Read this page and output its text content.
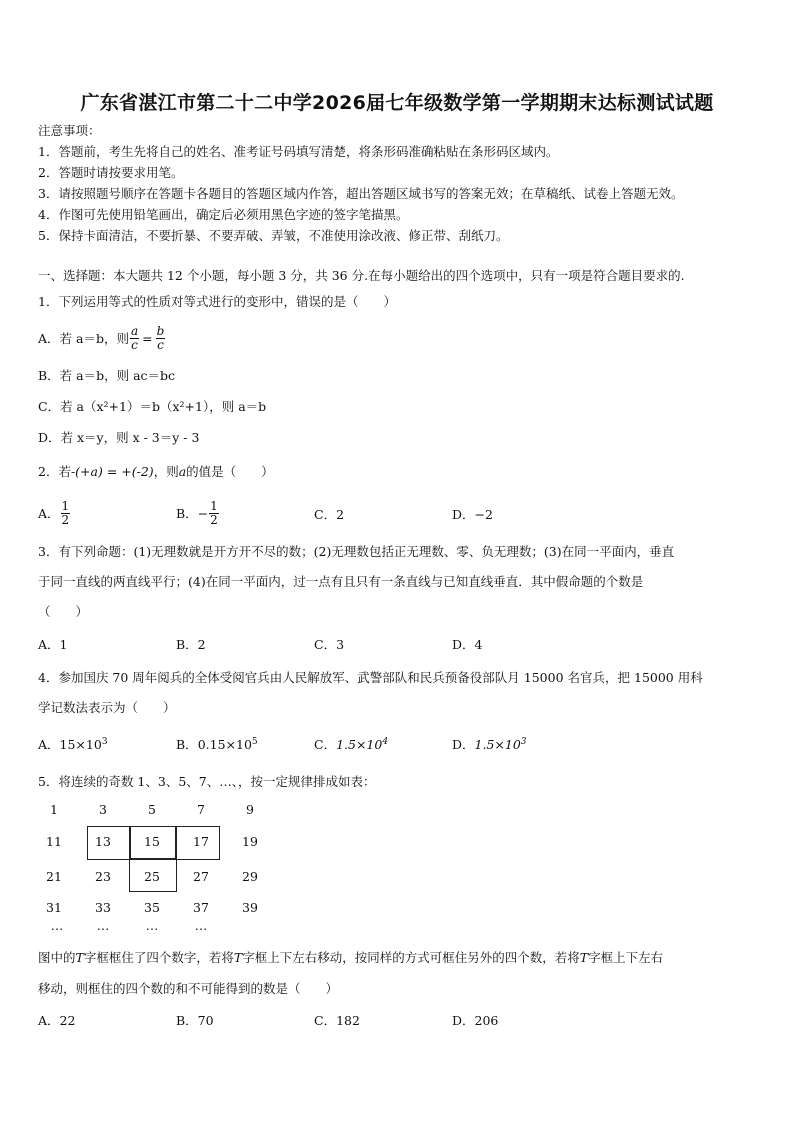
广东省湛江市第二十二中学2026届七年级数学第一学期期末达标测试试题
注意事项：
1．答题前，考生先将自己的姓名、准考证号码填写清楚，将条形码准确粘贴在条形码区域内。
2．答题时请按要求用笔。
3．请按照题号顺序在答题卡各题目的答题区域内作答，超出答题区域书写的答案无效；在草稿纸、试卷上答题无效。
4．作图可先使用铅笔画出，确定后必须用黑色字迹的签字笔描黑。
5．保持卡面清洁，不要折暴、不要弄破、弄皱，不准使用涂改液、修正带、刮纸刀。
一、选择题：本大题共 12 个小题，每小题 3 分，共 36 分.在每小题给出的四个选项中，只有一项是符合题目要求的.
1．下列运用等式的性质对等式进行的变形中，错误的是（　　）
A．若 a＝b，则 $\frac{a}{c} = \frac{b}{c}$
B．若 a＝b，则 ac＝bc
C．若 a（x²+1）＝b（x²+1），则 a＝b
D．若 x＝y，则 x - 3＝y - 3
2．若-(+a) = +(-2)，则a的值是（　　）
A． $\frac{1}{2}$	B． − $\frac{1}{2}$	C．2	D．−2
3．有下列命题：(1)无理数就是开方开不尽的数；(2)无理数包括正无理数、零、负无理数；(3)在同一平面内，垂直
于同一直线的两直线平行；(4)在同一平面内，过一点有且只有一条直线与已知直线垂直．其中假命题的个数是
（　　）
A．1	B．2	C．3	D．4
4．参加国庆 70 周年阅兵的全体受阅官兵由人民解放军、武警部队和民兵预备役部队月 15000 名官兵，把 15000 用科
学记数法表示为（　　）
A．$15\times 10^3$	B．$0.15\times 10^5$	C．$1.5\times 10^4$	D．$1.5\times 10^3$
5．将连续的奇数 1、3、5、7、…、，按一定规律排成如表：
1	3	5	7	9
11	13	15	17	19
21	23	25	27	29
31	33	35	37	39
…	…	…	…
图中的T字框框住了四个数字，若将T字框上下左右移动，按同样的方式可框住另外的四个数，若将T字框上下左右
移动，则框住的四个数的和不可能得到的数是（　　）
A．22	B．70	C．182	D．206
